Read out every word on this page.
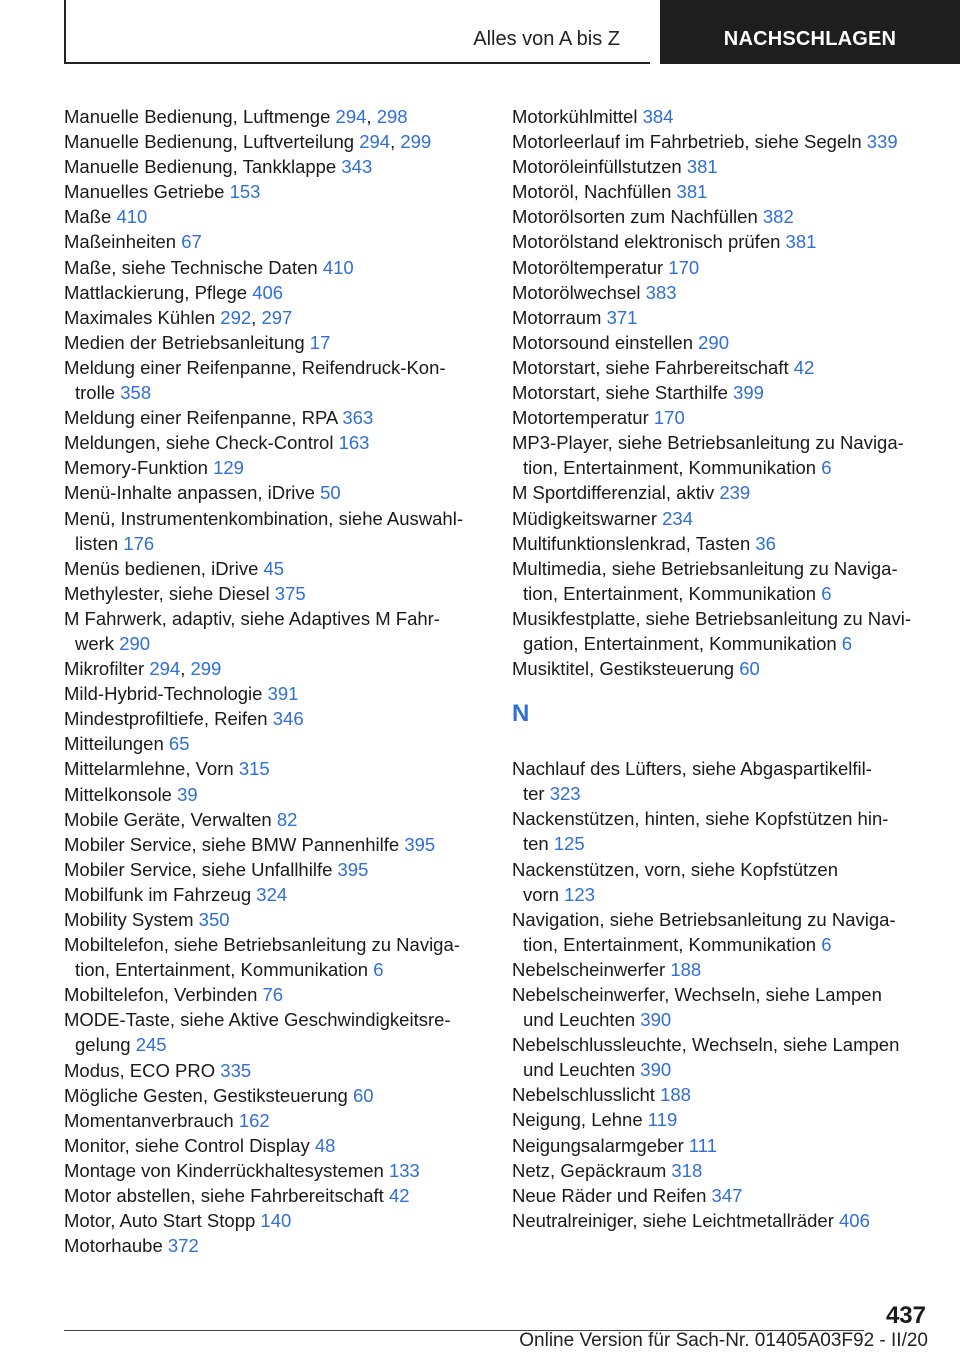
Alles von A bis Z	NACHSCHLAGEN
Manuelle Bedienung, Luftmenge 294, 298
Manuelle Bedienung, Luftverteilung 294, 299
Manuelle Bedienung, Tankklappe 343
Manuelles Getriebe 153
Maße 410
Maßeinheiten 67
Maße, siehe Technische Daten 410
Mattlackierung, Pflege 406
Maximales Kühlen 292, 297
Medien der Betriebsanleitung 17
Meldung einer Reifenpanne, Reifendruck-Kon-
trolle 358
Meldung einer Reifenpanne, RPA 363
Meldungen, siehe Check-Control 163
Memory-Funktion 129
Menü-Inhalte anpassen, iDrive 50
Menü, Instrumentenkombination, siehe Auswahl-
listen 176
Menüs bedienen, iDrive 45
Methylester, siehe Diesel 375
M Fahrwerk, adaptiv, siehe Adaptives M Fahr-
werk 290
Mikrofilter 294, 299
Mild-Hybrid-Technologie 391
Mindestprofiltiefe, Reifen 346
Mitteilungen 65
Mittelarmlehne, Vorn 315
Mittelkonsole 39
Mobile Geräte, Verwalten 82
Mobiler Service, siehe BMW Pannenhilfe 395
Mobiler Service, siehe Unfallhilfe 395
Mobilfunk im Fahrzeug 324
Mobility System 350
Mobiltelefon, siehe Betriebsanleitung zu Naviga-
tion, Entertainment, Kommunikation 6
Mobiltelefon, Verbinden 76
MODE-Taste, siehe Aktive Geschwindigkeitsre-
gelung 245
Modus, ECO PRO 335
Mögliche Gesten, Gestiksteuerung 60
Momentanverbrauch 162
Monitor, siehe Control Display 48
Montage von Kinderrückhaltesystemen 133
Motor abstellen, siehe Fahrbereitschaft 42
Motor, Auto Start Stopp 140
Motorhaube 372
Motorkühlmittel 384
Motorleerlauf im Fahrbetrieb, siehe Segeln 339
Motoröleinfüllstutzen 381
Motoröl, Nachfüllen 381
Motorölsorten zum Nachfüllen 382
Motorölstand elektronisch prüfen 381
Motoröltemperatur 170
Motorölwechsel 383
Motorraum 371
Motorsound einstellen 290
Motorstart, siehe Fahrbereitschaft 42
Motorstart, siehe Starthilfe 399
Motortemperatur 170
MP3-Player, siehe Betriebsanleitung zu Naviga-
tion, Entertainment, Kommunikation 6
M Sportdifferenzial, aktiv 239
Müdigkeitswarner 234
Multifunktionslenkrad, Tasten 36
Multimedia, siehe Betriebsanleitung zu Naviga-
tion, Entertainment, Kommunikation 6
Musikfestplatte, siehe Betriebsanleitung zu Navi-
gation, Entertainment, Kommunikation 6
Musiktitel, Gestiksteuerung 60
N
Nachlauf des Lüfters, siehe Abgaspartikelfil-
ter 323
Nackenstützen, hinten, siehe Kopfstützen hin-
ten 125
Nackenstützen, vorn, siehe Kopfstützen
vorn 123
Navigation, siehe Betriebsanleitung zu Naviga-
tion, Entertainment, Kommunikation 6
Nebelscheinwerfer 188
Nebelscheinwerfer, Wechseln, siehe Lampen
und Leuchten 390
Nebelschlussleuchte, Wechseln, siehe Lampen
und Leuchten 390
Nebelschlusslicht 188
Neigung, Lehne 119
Neigungsalarmgeber 111
Netz, Gepäckraum 318
Neue Räder und Reifen 347
Neutralreiniger, siehe Leichtmetallräder 406
437
Online Version für Sach-Nr. 01405A03F92 - II/20
